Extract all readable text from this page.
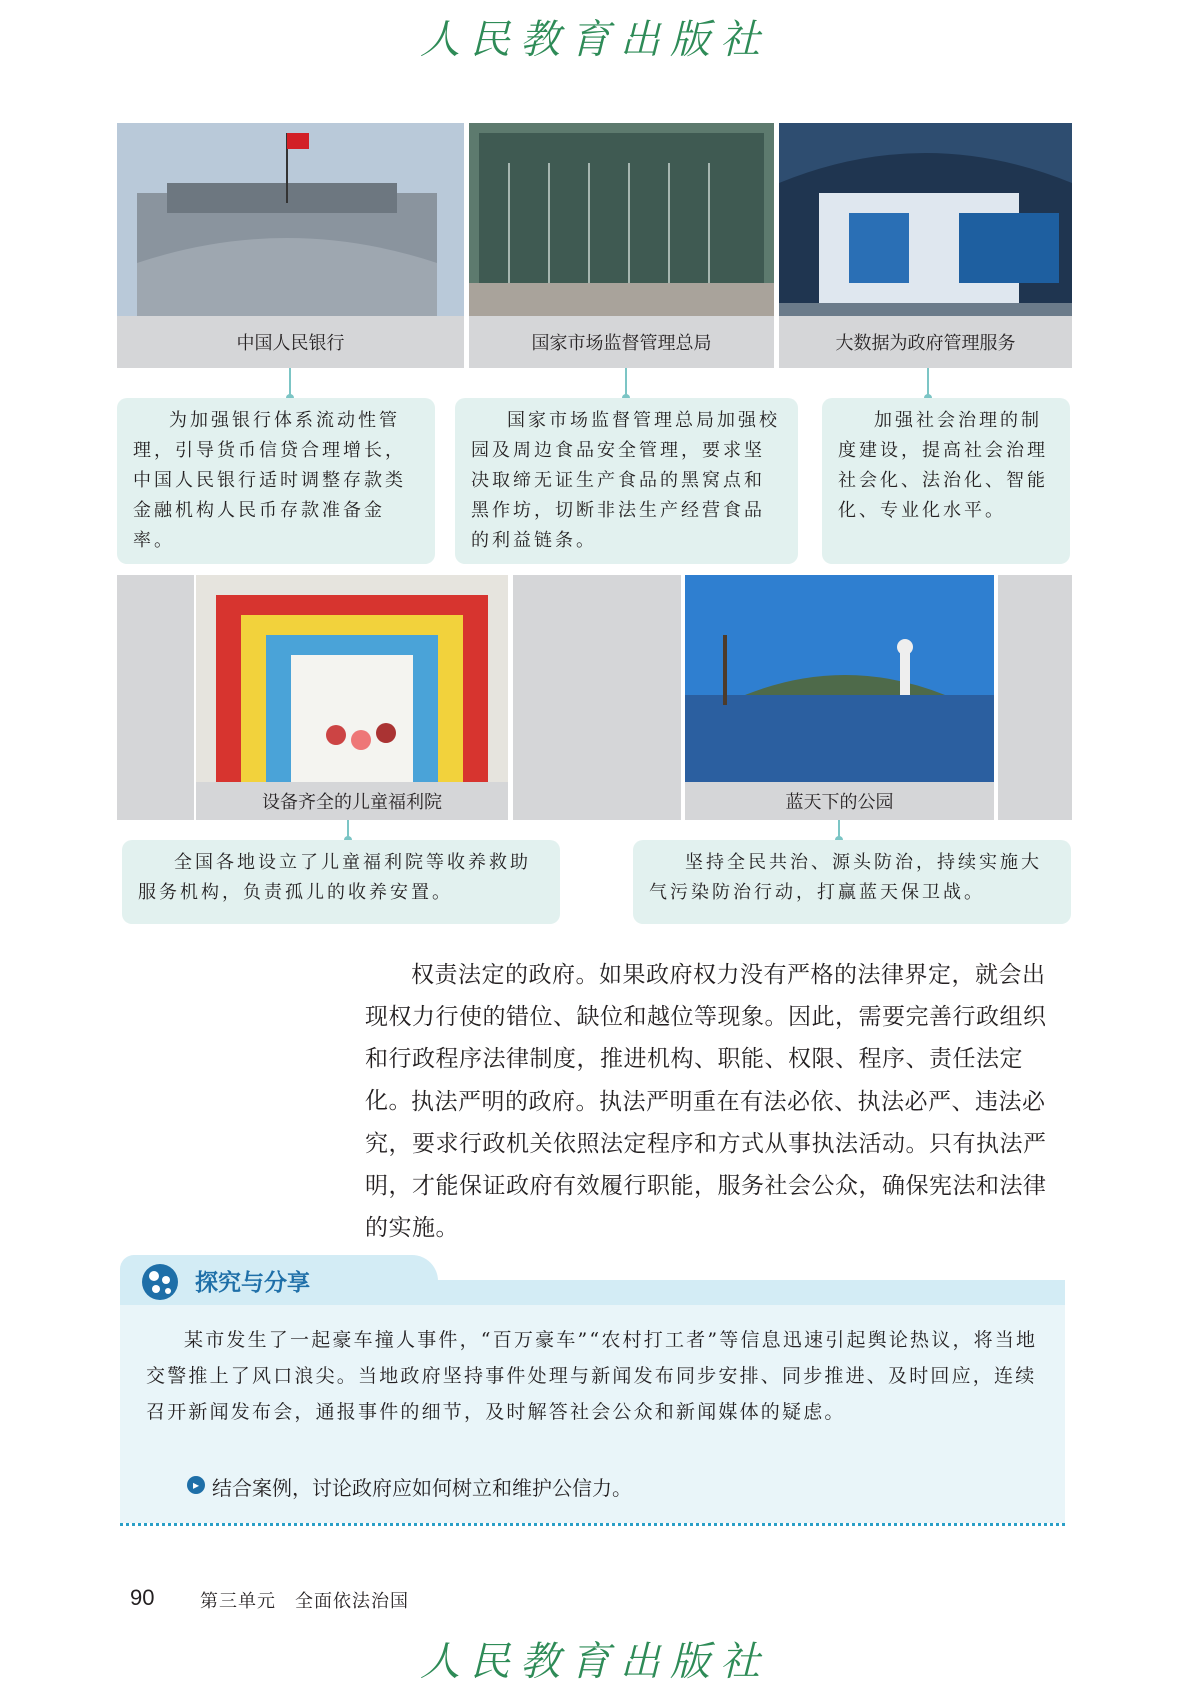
人民教育出版社
中国人民银行	国家市场监督管理总局	大数据为政府管理服务
为加强银行体系流动性管理，引导货币信贷合理增长，中国人民银行适时调整存款类金融机构人民币存款准备金率。
国家市场监督管理总局加强校园及周边食品安全管理，要求坚决取缔无证生产食品的黑窝点和黑作坊，切断非法生产经营食品的利益链条。
加强社会治理的制度建设，提高社会治理社会化、法治化、智能化、专业化水平。
设备齐全的儿童福利院	蓝天下的公园
全国各地设立了儿童福利院等收养救助服务机构，负责孤儿的收养安置。
坚持全民共治、源头防治，持续实施大气污染防治行动，打赢蓝天保卫战。
权责法定的政府。如果政府权力没有严格的法律界定，就会出现权力行使的错位、缺位和越位等现象。因此，需要完善行政组织和行政程序法律制度，推进机构、职能、权限、程序、责任法定化。 执法严明的政府。执法严明重在有法必依、执法必严、违法必究，要求行政机关依照法定程序和方式从事执法活动。只有执法严明，才能保证政府有效履行职能，服务社会公众，确保宪法和法律的实施。
探究与分享
某市发生了一起豪车撞人事件，“百万豪车”“农村打工者”等信息迅速引起舆论热议，将当地交警推上了风口浪尖。当地政府坚持事件处理与新闻发布同步安排、同步推进、及时回应，连续召开新闻发布会，通报事件的细节，及时解答社会公众和新闻媒体的疑虑。
▸ 结合案例，讨论政府应如何树立和维护公信力。
90	第三单元　全面依法治国
人民教育出版社
